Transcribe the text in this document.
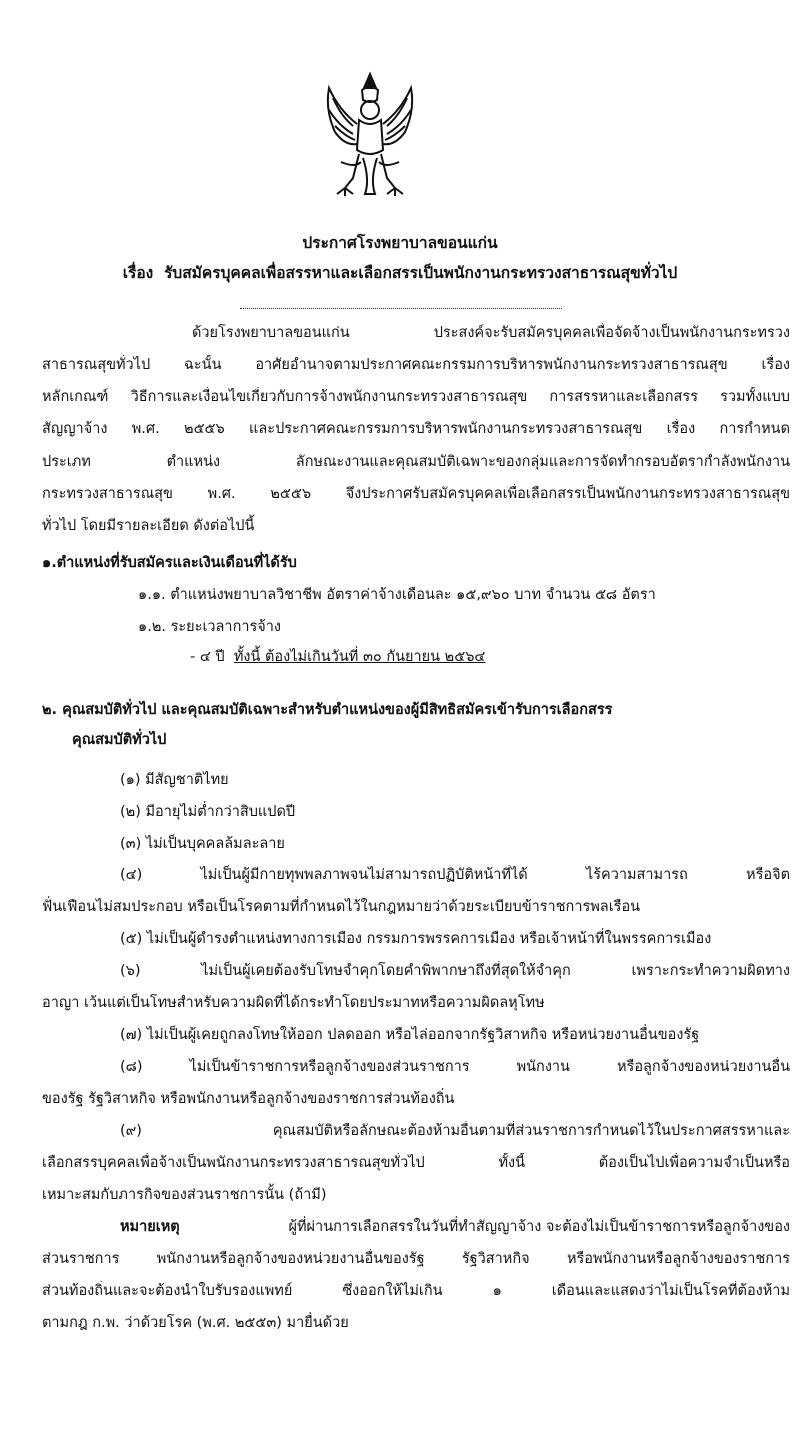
ประกาศโรงพยาบาลขอนแก่น
เรื่อง รับสมัครบุคคลเพื่อสรรหาและเลือกสรรเป็นพนักงานกระทรวงสาธารณสุขทั่วไป
ด้วยโรงพยาบาลขอนแก่น ประสงค์จะรับสมัครบุคคลเพื่อจัดจ้างเป็นพนักงานกระทรวง
สาธารณสุขทั่วไป ฉะนั้น อาศัยอำนาจตามประกาศคณะกรรมการบริหารพนักงานกระทรวงสาธารณสุข เรื่อง
หลักเกณฑ์ วิธีการและเงื่อนไขเกี่ยวกับการจ้างพนักงานกระทรวงสาธารณสุข การสรรหาและเลือกสรร รวมทั้งแบบ
สัญญาจ้าง พ.ศ. ๒๕๕๖ และประกาศคณะกรรมการบริหารพนักงานกระทรวงสาธารณสุข เรื่อง การกำหนด
ประเภท ตำแหน่ง ลักษณะงานและคุณสมบัติเฉพาะของกลุ่มและการจัดทำกรอบอัตรากำลังพนักงาน
กระทรวงสาธารณสุข พ.ศ. ๒๕๕๖ จึงประกาศรับสมัครบุคคลเพื่อเลือกสรรเป็นพนักงานกระทรวงสาธารณสุข
ทั่วไป โดยมีรายละเอียด ดังต่อไปนี้
๑.ตำแหน่งที่รับสมัครและเงินเดือนที่ได้รับ
๑.๑. ตำแหน่งพยาบาลวิชาชีพ อัตราค่าจ้างเดือนละ ๑๕,๙๖๐ บาท จำนวน ๕๘ อัตรา
๑.๒. ระยะเวลาการจ้าง
- ๔ ปี ทั้งนี้ ต้องไม่เกินวันที่ ๓๐ กันยายน ๒๕๖๔
๒. คุณสมบัติทั่วไป และคุณสมบัติเฉพาะสำหรับตำแหน่งของผู้มีสิทธิสมัครเข้ารับการเลือกสรร
คุณสมบัติทั่วไป
(๑) มีสัญชาติไทย
(๒) มีอายุไม่ต่ำกว่าสิบแปดปี
(๓) ไม่เป็นบุคคลล้มละลาย
(๔) ไม่เป็นผู้มีกายทุพพลภาพจนไม่สามารถปฏิบัติหน้าที่ได้ ไร้ความสามารถ หรือจิต
ฟั่นเฟือนไม่สมประกอบ หรือเป็นโรคตามที่กำหนดไว้ในกฎหมายว่าด้วยระเบียบข้าราชการพลเรือน
(๕) ไม่เป็นผู้ดำรงตำแหน่งทางการเมือง กรรมการพรรคการเมือง หรือเจ้าหน้าที่ในพรรคการเมือง
(๖) ไม่เป็นผู้เคยต้องรับโทษจำคุกโดยคำพิพากษาถึงที่สุดให้จำคุก เพราะกระทำความผิดทาง
อาญา เว้นแต่เป็นโทษสำหรับความผิดที่ได้กระทำโดยประมาทหรือความผิดลหุโทษ
(๗) ไม่เป็นผู้เคยถูกลงโทษให้ออก ปลดออก หรือไล่ออกจากรัฐวิสาหกิจ หรือหน่วยงานอื่นของรัฐ
(๘) ไม่เป็นข้าราชการหรือลูกจ้างของส่วนราชการ พนักงาน หรือลูกจ้างของหน่วยงานอื่น
ของรัฐ รัฐวิสาหกิจ หรือพนักงานหรือลูกจ้างของราชการส่วนท้องถิ่น
(๙) คุณสมบัติหรือลักษณะต้องห้ามอื่นตามที่ส่วนราชการกำหนดไว้ในประกาศสรรหาและ
เลือกสรรบุคคลเพื่อจ้างเป็นพนักงานกระทรวงสาธารณสุขทั่วไป ทั้งนี้ ต้องเป็นไปเพื่อความจำเป็นหรือ
เหมาะสมกับภารกิจของส่วนราชการนั้น (ถ้ามี)
หมายเหตุ	ผู้ที่ผ่านการเลือกสรรในวันที่ทำสัญญาจ้าง จะต้องไม่เป็นข้าราชการหรือลูกจ้างของ
ส่วนราชการ พนักงานหรือลูกจ้างของหน่วยงานอื่นของรัฐ รัฐวิสาหกิจ หรือพนักงานหรือลูกจ้างของราชการ
ส่วนท้องถิ่นและจะต้องนำใบรับรองแพทย์ ซึ่งออกให้ไม่เกิน ๑ เดือนและแสดงว่าไม่เป็นโรคที่ต้องห้าม
ตามกฎ ก.พ. ว่าด้วยโรค (พ.ศ. ๒๕๕๓) มายื่นด้วย
